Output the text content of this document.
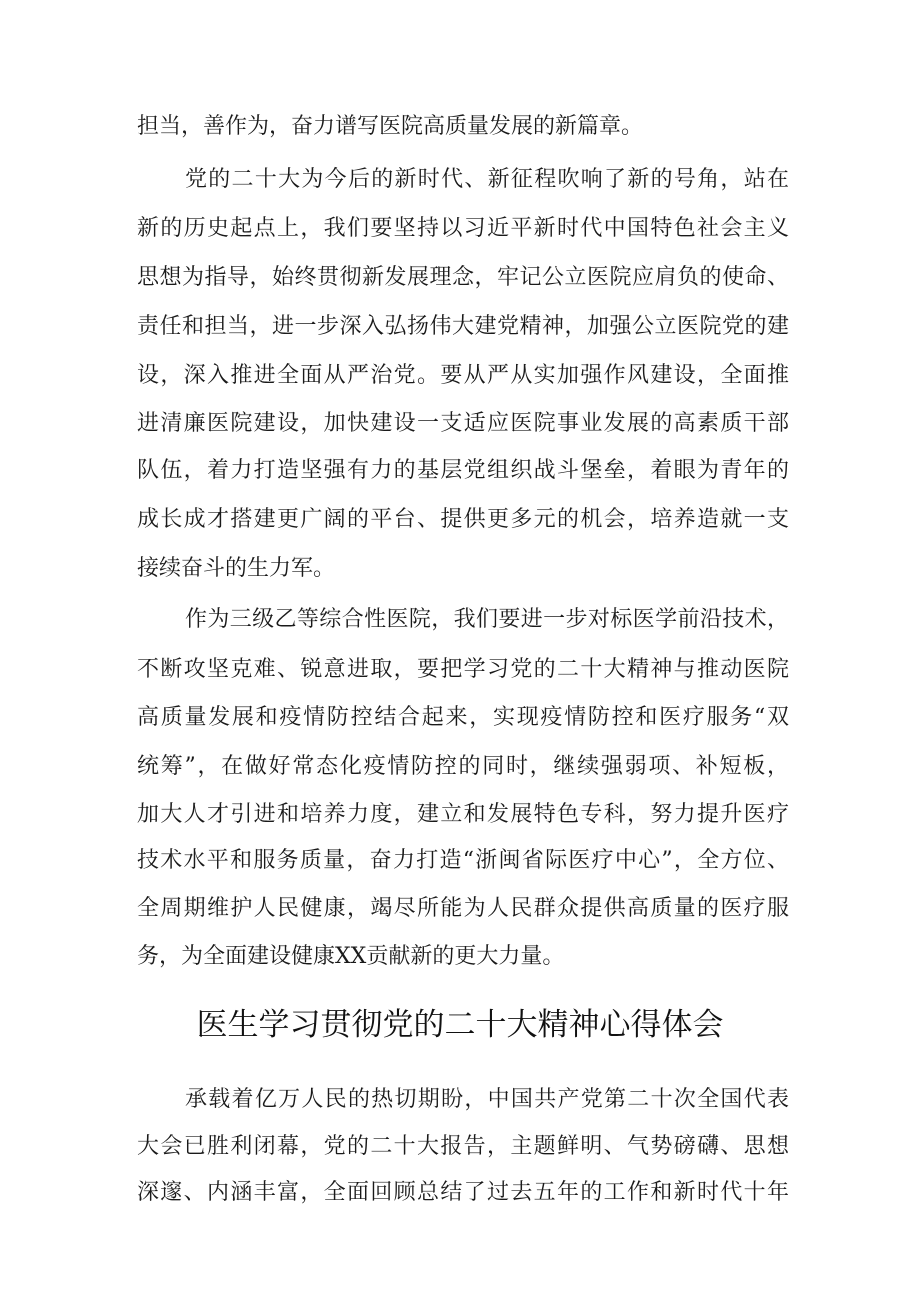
担当，善作为，奋力谱写医院高质量发展的新篇章。
党的二十大为今后的新时代、新征程吹响了新的号角，站在
新的历史起点上，我们要坚持以习近平新时代中国特色社会主义
思想为指导，始终贯彻新发展理念，牢记公立医院应肩负的使命、
责任和担当，进一步深入弘扬伟大建党精神，加强公立医院党的建
设，深入推进全面从严治党。要从严从实加强作风建设，全面推
进清廉医院建设，加快建设一支适应医院事业发展的高素质干部
队伍，着力打造坚强有力的基层党组织战斗堡垒，着眼为青年的
成长成才搭建更广阔的平台、提供更多元的机会，培养造就一支
接续奋斗的生力军。
作为三级乙等综合性医院，我们要进一步对标医学前沿技术，
不断攻坚克难、锐意进取，要把学习党的二十大精神与推动医院
高质量发展和疫情防控结合起来，实现疫情防控和医疗服务“双
统筹”，在做好常态化疫情防控的同时，继续强弱项、补短板，
加大人才引进和培养力度，建立和发展特色专科，努力提升医疗
技术水平和服务质量，奋力打造“浙闽省际医疗中心”，全方位、
全周期维护人民健康，竭尽所能为人民群众提供高质量的医疗服
务，为全面建设健康XX贡献新的更大力量。
医生学习贯彻党的二十大精神心得体会
承载着亿万人民的热切期盼，中国共产党第二十次全国代表
大会已胜利闭幕，党的二十大报告，主题鲜明、气势磅礴、思想
深邃、内涵丰富，全面回顾总结了过去五年的工作和新时代十年
